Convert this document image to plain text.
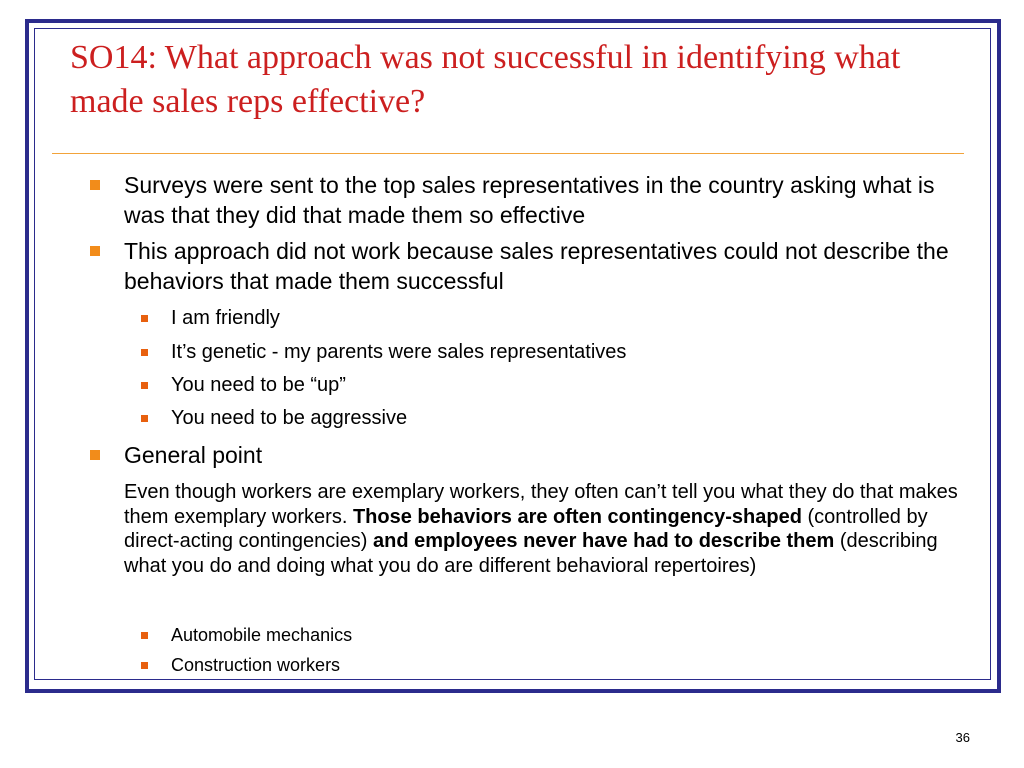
SO14: What approach was not successful in identifying what made sales reps effective?
Surveys were sent to the top sales representatives in the country asking what is was that they did that made them so effective
This approach did not work because sales representatives could not describe the behaviors that made them successful
I am friendly
It’s genetic - my parents were sales representatives
You need to be “up”
You need to be aggressive
General point
Even though workers are exemplary workers, they often can’t tell you what they do that makes them exemplary workers. Those behaviors are often contingency-shaped (controlled by direct-acting contingencies) and employees never have had to describe them (describing what you do and doing what you do are different behavioral repertoires)
Automobile mechanics
Construction workers
36
